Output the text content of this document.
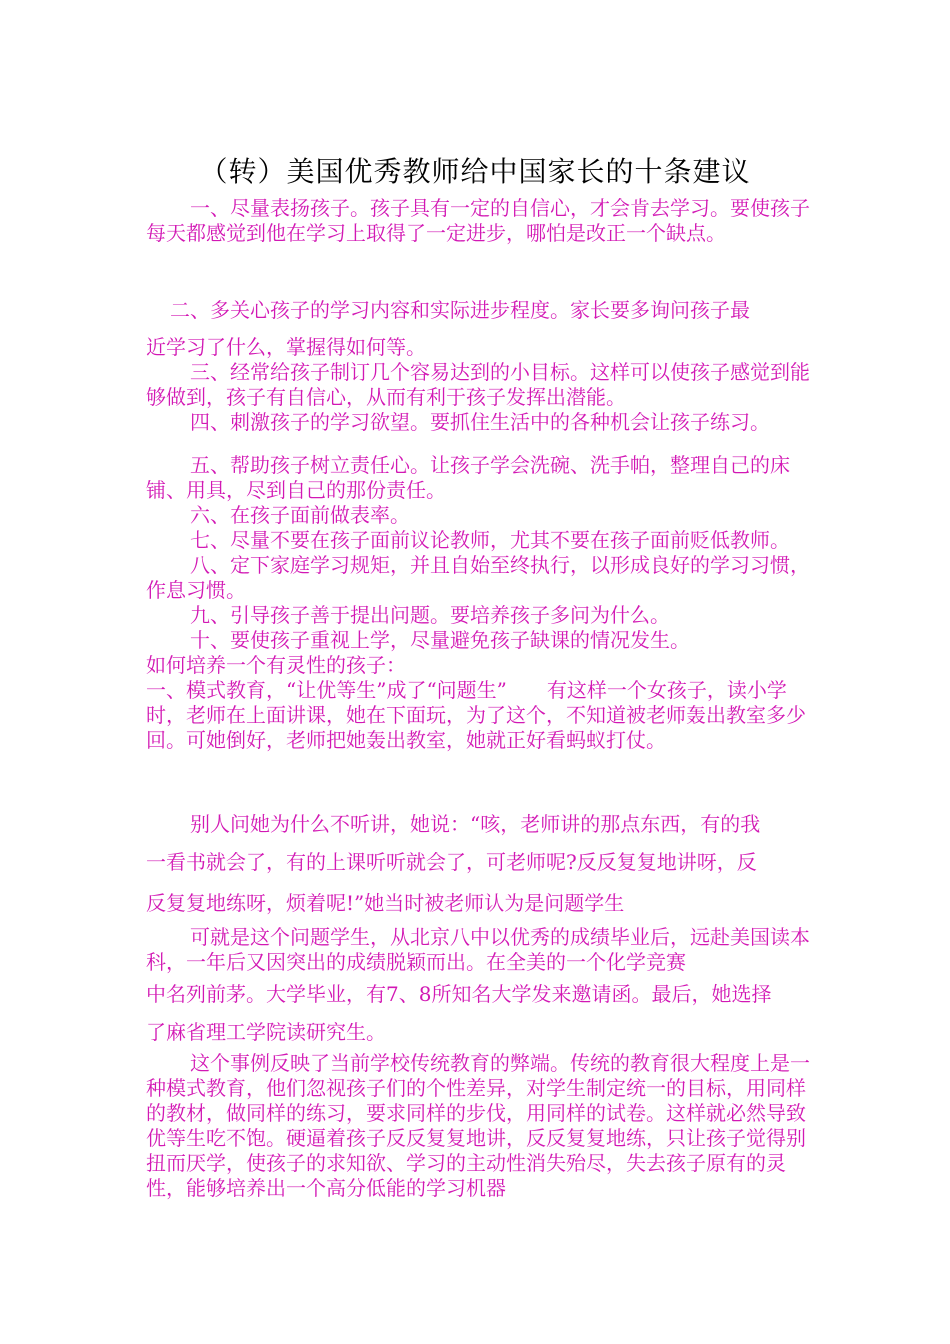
（转）美国优秀教师给中国家长的十条建议

一、尽量表扬孩子。孩子具有一定的自信心，才会肯去学习。要使孩子每天都感觉到他在学习上取得了一定进步，哪怕是改正一个缺点。

二、多关心孩子的学习内容和实际进步程度。家长要多询问孩子最

近学习了什么，掌握得如何等。

三、经常给孩子制订几个容易达到的小目标。这样可以使孩子感觉到能够做到，孩子有自信心，从而有利于孩子发挥出潜能。

四、刺激孩子的学习欲望。要抓住生活中的各种机会让孩子练习。

五、帮助孩子树立责任心。让孩子学会洗碗、洗手帕，整理自己的床铺、用具，尽到自己的那份责任。

六、在孩子面前做表率。

七、尽量不要在孩子面前议论教师，尤其不要在孩子面前贬低教师。

八、定下家庭学习规矩，并且自始至终执行，以形成良好的学习习惯，作息习惯。

九、引导孩子善于提出问题。要培养孩子多问为什么。

十、要使孩子重视上学，尽量避免孩子缺课的情况发生。

如何培养一个有灵性的孩子：

一、模式教育，“让优等生”成了“问题生”　　有这样一个女孩子，读小学时，老师在上面讲课，她在下面玩，为了这个，不知道被老师轰出教室多少回。可她倒好，老师把她轰出教室，她就正好看蚂蚁打仗。

别人问她为什么不听讲，她说：“咳，老师讲的那点东西，有的我

一看书就会了，有的上课听听就会了，可老师呢?反反复复地讲呀，反

反复复地练呀，烦着呢!”她当时被老师认为是问题学生

可就是这个问题学生，从北京八中以优秀的成绩毕业后，远赴美国读本科，一年后又因突出的成绩脱颖而出。在全美的一个化学竞赛

中名列前茅。大学毕业，有7、8所知名大学发来邀请函。最后，她选择

了麻省理工学院读研究生。

这个事例反映了当前学校传统教育的弊端。传统的教育很大程度上是一种模式教育，他们忽视孩子们的个性差异，对学生制定统一的目标，用同样的教材，做同样的练习，要求同样的步伐，用同样的试卷。这样就必然导致优等生吃不饱。硬逼着孩子反反复复地讲，反反复复地练，只让孩子觉得别扭而厌学，使孩子的求知欲、学习的主动性消失殆尽，失去孩子原有的灵性，能够培养出一个高分低能的学习机器
